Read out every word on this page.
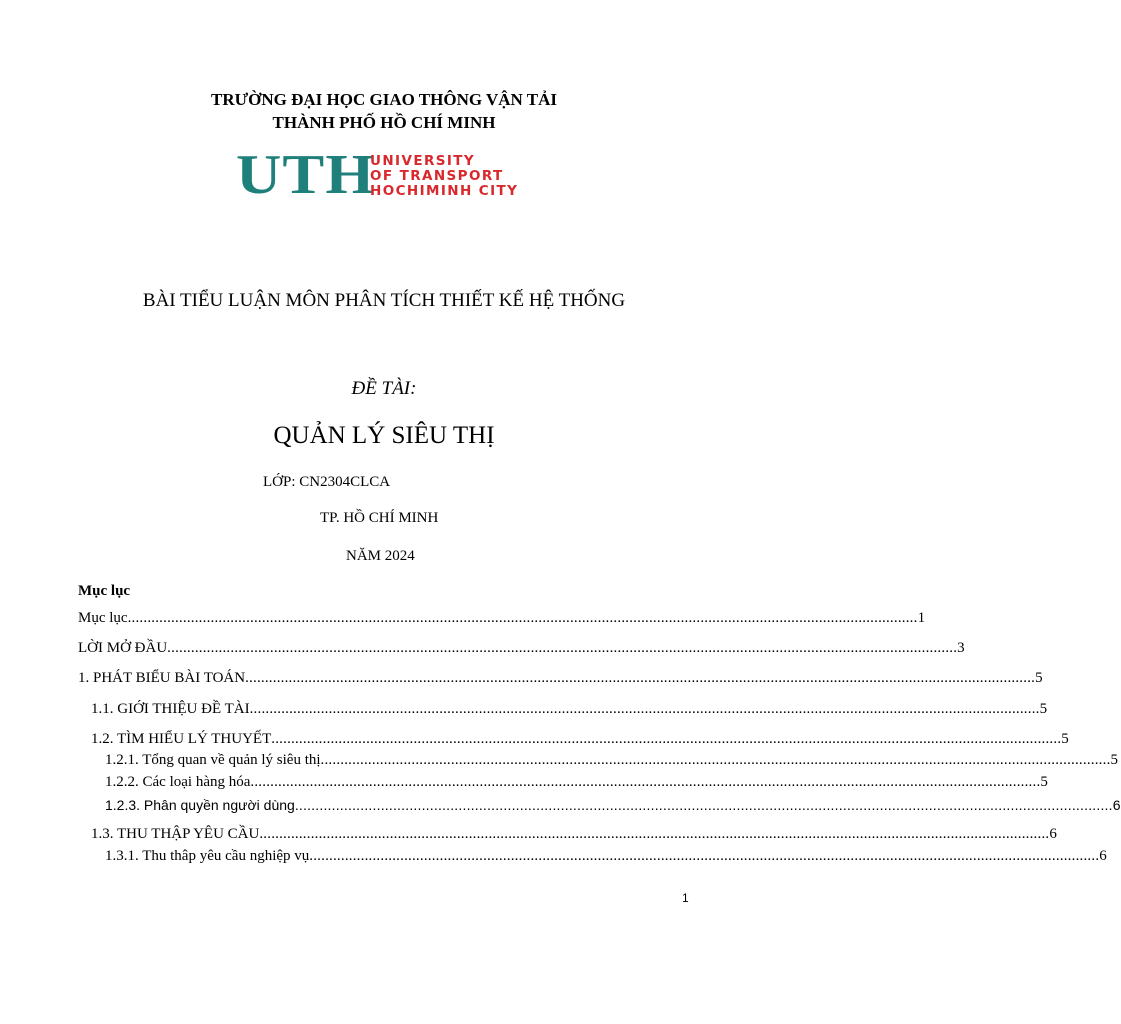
TRƯỜNG ĐẠI HỌC GIAO THÔNG VẬN TẢI
THÀNH PHỐ HỒ CHÍ MINH
UTH
UNIVERSITY
OF TRANSPORT
HOCHIMINH CITY
BÀI TIỂU LUẬN MÔN PHÂN TÍCH THIẾT KẾ HỆ THỐNG
ĐỀ TÀI:
QUẢN LÝ SIÊU THỊ
LỚP: CN2304CLCA
TP. HỒ CHÍ MINH
NĂM 2024
Mục lục
Mục lục ........................................................................................................................................................................................................ 1
LỜI MỞ ĐẦU ........................................................................................................................................................................................................ 3
1. PHÁT BIỂU BÀI TOÁN ........................................................................................................................................................................................................ 5
1.1. GIỚI THIỆU ĐỀ TÀI ........................................................................................................................................................................................................ 5
1.2. TÌM HIỂU LÝ THUYẾT ........................................................................................................................................................................................................ 5
1.2.1. Tổng quan về quản lý siêu thị ........................................................................................................................................................................................................ 5
1.2.2. Các loại hàng hóa ........................................................................................................................................................................................................ 5
1.2.3. Phân quyền người dùng ........................................................................................................................................................................................................ 6
1.3. THU THẬP YÊU CẦU ........................................................................................................................................................................................................ 6
1.3.1. Thu thâp yêu cầu nghiệp vụ ........................................................................................................................................................................................................ 6
1
